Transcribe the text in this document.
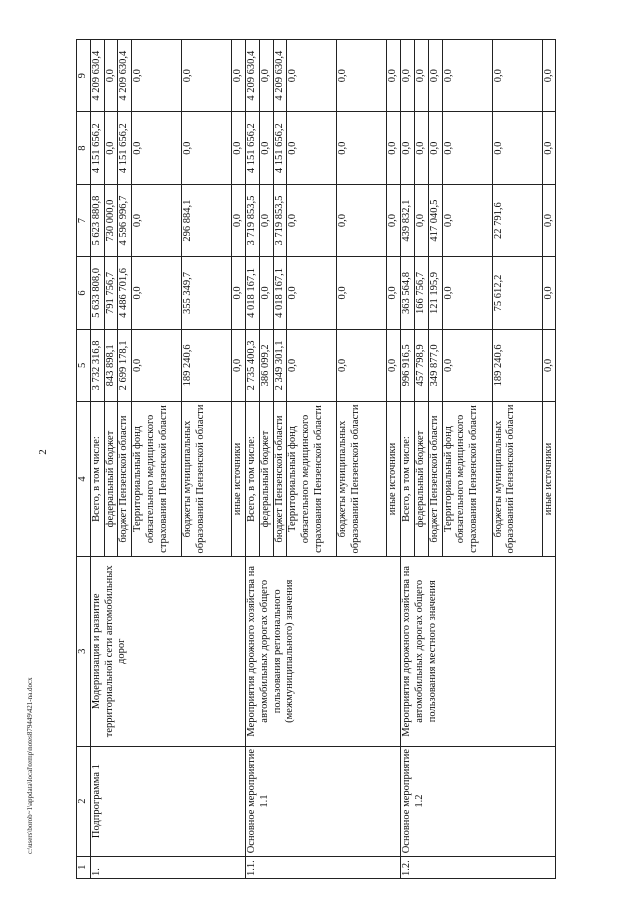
2
c:\users\borob~1\appdata\local\temp\notes879449\421-na.docx
1	2	3	4	5	6	7	8	9
1.	Подпрограмма 1	Модернизация и развитие территориальной сети автомобильных дорог	Всего, в том числе:	3 732 316,8	5 633 808,0	5 623 880,8	4 151 656,2	4 209 630,4
			федеральный бюджет	843 898,1	791 756,7	730 000,0	0,0	0,0
			бюджет Пензенской области	2 699 178,1	4 486 701,6	4 596 996,7	4 151 656,2	4 209 630,4
			Территориальный фонд обязательного медицинского страхования Пензенской области	0,0	0,0	0,0	0,0	0,0
			бюджеты муниципальных образований Пензенской области	189 240,6	355 349,7	296 884,1	0,0	0,0
			иные источники	0,0	0,0	0,0	0,0	0,0
1.1.	Основное мероприятие 1.1	Мероприятия дорожного хозяйства на автомобильных дорогах общего пользования регионального (межмуниципального) значения	Всего, в том числе:	2 735 400,3	4 018 167,1	3 719 853,5	4 151 656,2	4 209 630,4
			федеральный бюджет	386 099,2	0,0	0,0	0,0	0,0
			бюджет Пензенской области	2 349 301,1	4 018 167,1	3 719 853,5	4 151 656,2	4 209 630,4
			Территориальный фонд обязательного медицинского страхования Пензенской области	0,0	0,0	0,0	0,0	0,0
			бюджеты муниципальных образований Пензенской области	0,0	0,0	0,0	0,0	0,0
			иные источники	0,0	0,0	0,0	0,0	0,0
1.2.	Основное мероприятие 1.2	Мероприятия дорожного хозяйства на автомобильных дорогах общего пользования местного значения	Всего, в том числе:	996 916,5	363 564,8	439 832,1	0,0	0,0
			федеральный бюджет	457 798,9	166 756,7	0,0	0,0	0,0
			бюджет Пензенской области	349 877,0	121 195,9	417 040,5	0,0	0,0
			Территориальный фонд обязательного медицинского страхования Пензенской области	0,0	0,0	0,0	0,0	0,0
			бюджеты муниципальных образований Пензенской области	189 240,6	75 612,2	22 791,6	0,0	0,0
			иные источники	0,0	0,0	0,0	0,0	0,0
